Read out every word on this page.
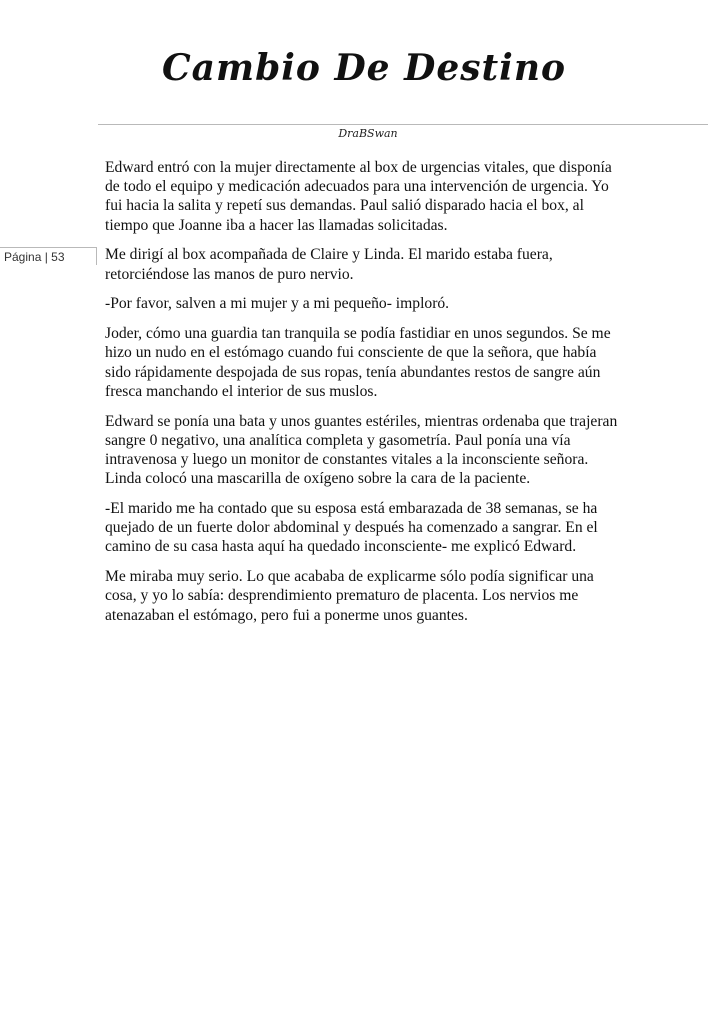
Cambio De Destino
DraBSwan
Página | 53

Edward entró con la mujer directamente al box de urgencias vitales, que disponía de todo el equipo y medicación adecuados para una intervención de urgencia. Yo fui hacia la salita y repetí sus demandas. Paul salió disparado hacia el box, al tiempo que Joanne iba a hacer las llamadas solicitadas.

Me dirigí al box acompañada de Claire y Linda. El marido estaba fuera, retorciéndose las manos de puro nervio.

-Por favor, salven a mi mujer y a mi pequeño- imploró.

Joder, cómo una guardia tan tranquila se podía fastidiar en unos segundos. Se me hizo un nudo en el estómago cuando fui consciente de que la señora, que había sido rápidamente despojada de sus ropas, tenía abundantes restos de sangre aún fresca manchando el interior de sus muslos.

Edward se ponía una bata y unos guantes estériles, mientras ordenaba que trajeran sangre 0 negativo, una analítica completa y gasometría. Paul ponía una vía intravenosa y luego un monitor de constantes vitales a la inconsciente señora. Linda colocó una mascarilla de oxígeno sobre la cara de la paciente.

-El marido me ha contado que su esposa está embarazada de 38 semanas, se ha quejado de un fuerte dolor abdominal y después ha comenzado a sangrar. En el camino de su casa hasta aquí ha quedado inconsciente- me explicó Edward.

Me miraba muy serio. Lo que acababa de explicarme sólo podía significar una cosa, y yo lo sabía: desprendimiento prematuro de placenta. Los nervios me atenazaban el estómago, pero fui a ponerme unos guantes.
